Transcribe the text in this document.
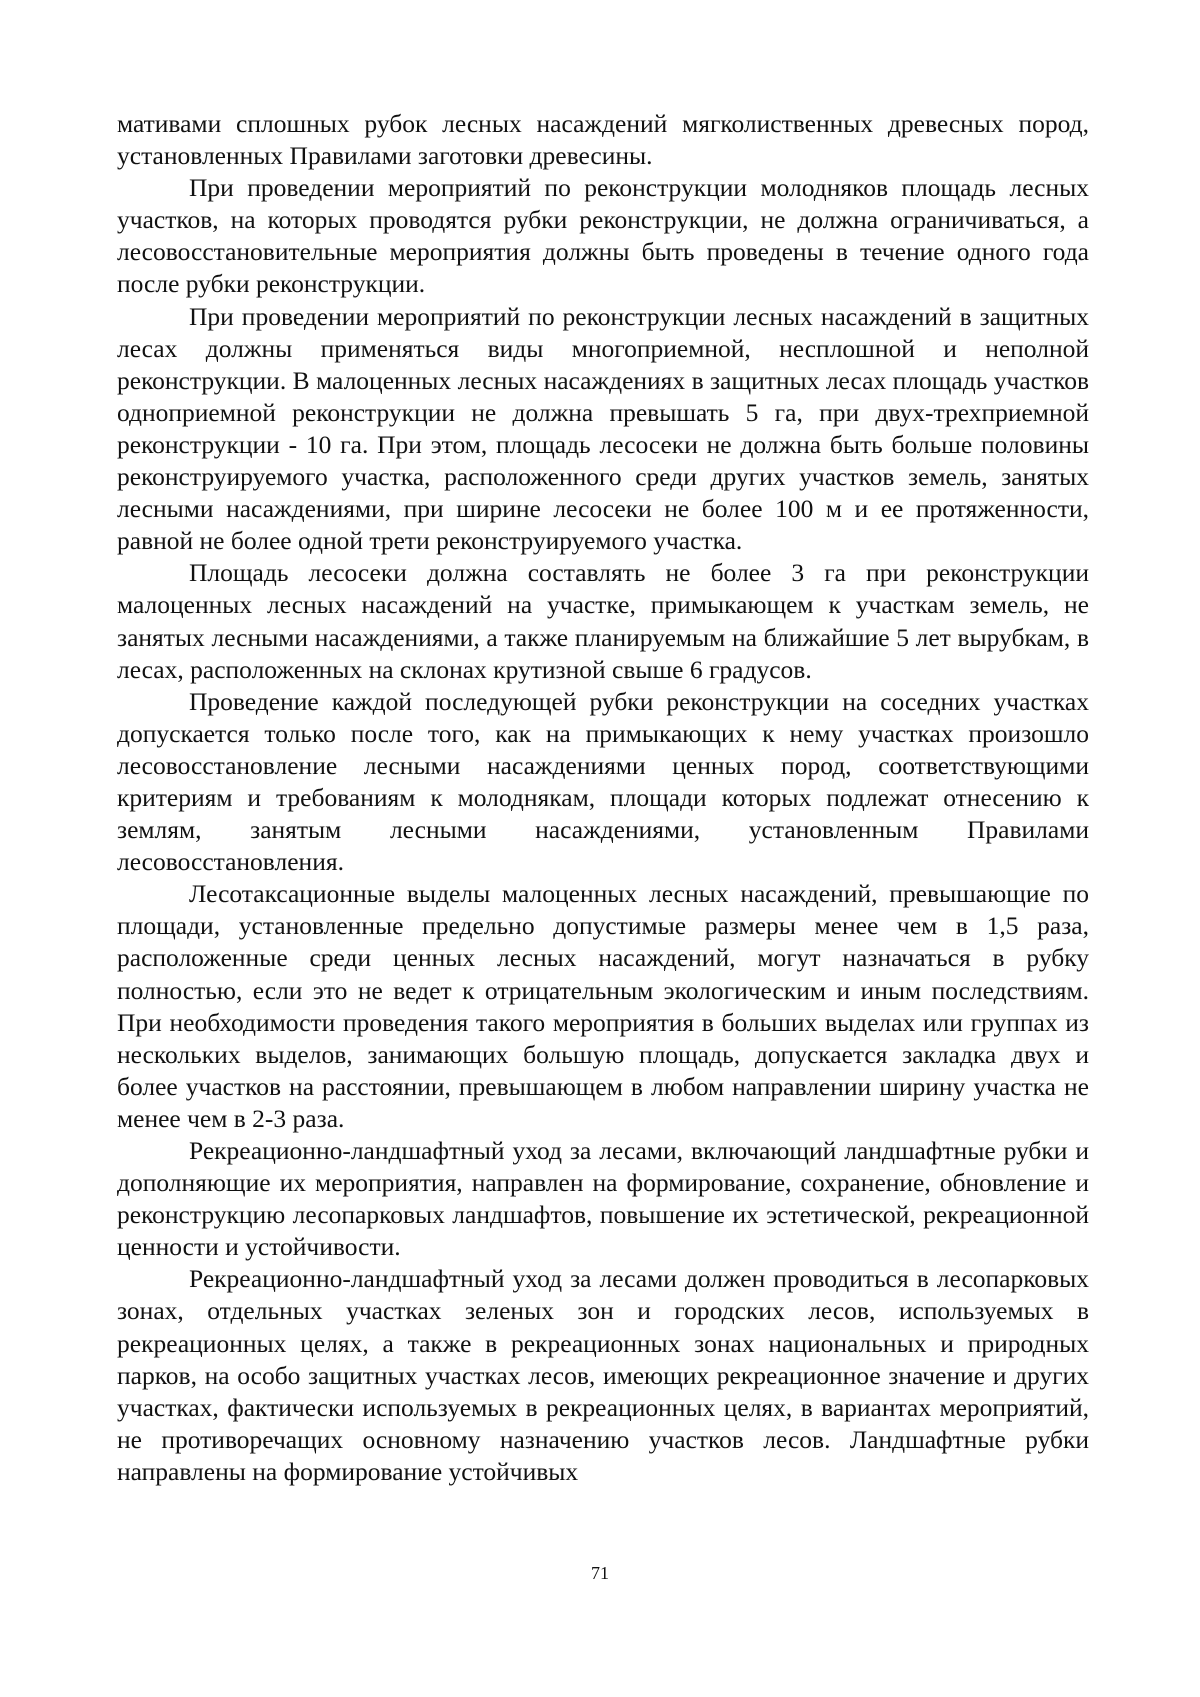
мативами сплошных рубок лесных насаждений мягколиственных древесных пород, установленных Правилами заготовки древесины.

При проведении мероприятий по реконструкции молодняков площадь лесных участков, на которых проводятся рубки реконструкции, не должна ограничиваться, а лесовосстановительные мероприятия должны быть проведены в течение одного года после рубки реконструкции.

При проведении мероприятий по реконструкции лесных насаждений в защитных лесах должны применяться виды многоприемной, несплошной и неполной реконструкции. В малоценных лесных насаждениях в защитных лесах площадь участков одноприемной реконструкции не должна превышать 5 га, при двух-трехприемной реконструкции - 10 га. При этом, площадь лесосеки не должна быть больше половины реконструируемого участка, расположенного среди других участков земель, занятых лесными насаждениями, при ширине лесосеки не более 100 м и ее протяженности, равной не более одной трети реконструируемого участка.

Площадь лесосеки должна составлять не более 3 га при реконструкции малоценных лесных насаждений на участке, примыкающем к участкам земель, не занятых лесными насаждениями, а также планируемым на ближайшие 5 лет вырубкам, в лесах, расположенных на склонах крутизной свыше 6 градусов.

Проведение каждой последующей рубки реконструкции на соседних участках допускается только после того, как на примыкающих к нему участках произошло лесовосстановление лесными насаждениями ценных пород, соответствующими критериям и требованиям к молоднякам, площади которых подлежат отнесению к землям, занятым лесными насаждениями, установленным Правилами лесовосстановления.

Лесотаксационные выделы малоценных лесных насаждений, превышающие по площади, установленные предельно допустимые размеры менее чем в 1,5 раза, расположенные среди ценных лесных насаждений, могут назначаться в рубку полностью, если это не ведет к отрицательным экологическим и иным последствиям. При необходимости проведения такого мероприятия в больших выделах или группах из нескольких выделов, занимающих большую площадь, допускается закладка двух и более участков на расстоянии, превышающем в любом направлении ширину участка не менее чем в 2-3 раза.

Рекреационно-ландшафтный уход за лесами, включающий ландшафтные рубки и дополняющие их мероприятия, направлен на формирование, сохранение, обновление и реконструкцию лесопарковых ландшафтов, повышение их эстетической, рекреационной ценности и устойчивости.

Рекреационно-ландшафтный уход за лесами должен проводиться в лесопарковых зонах, отдельных участках зеленых зон и городских лесов, используемых в рекреационных целях, а также в рекреационных зонах национальных и природных парков, на особо защитных участках лесов, имеющих рекреационное значение и других участках, фактически используемых в рекреационных целях, в вариантах мероприятий, не противоречащих основному назначению участков лесов. Ландшафтные рубки направлены на формирование устойчивых

71
